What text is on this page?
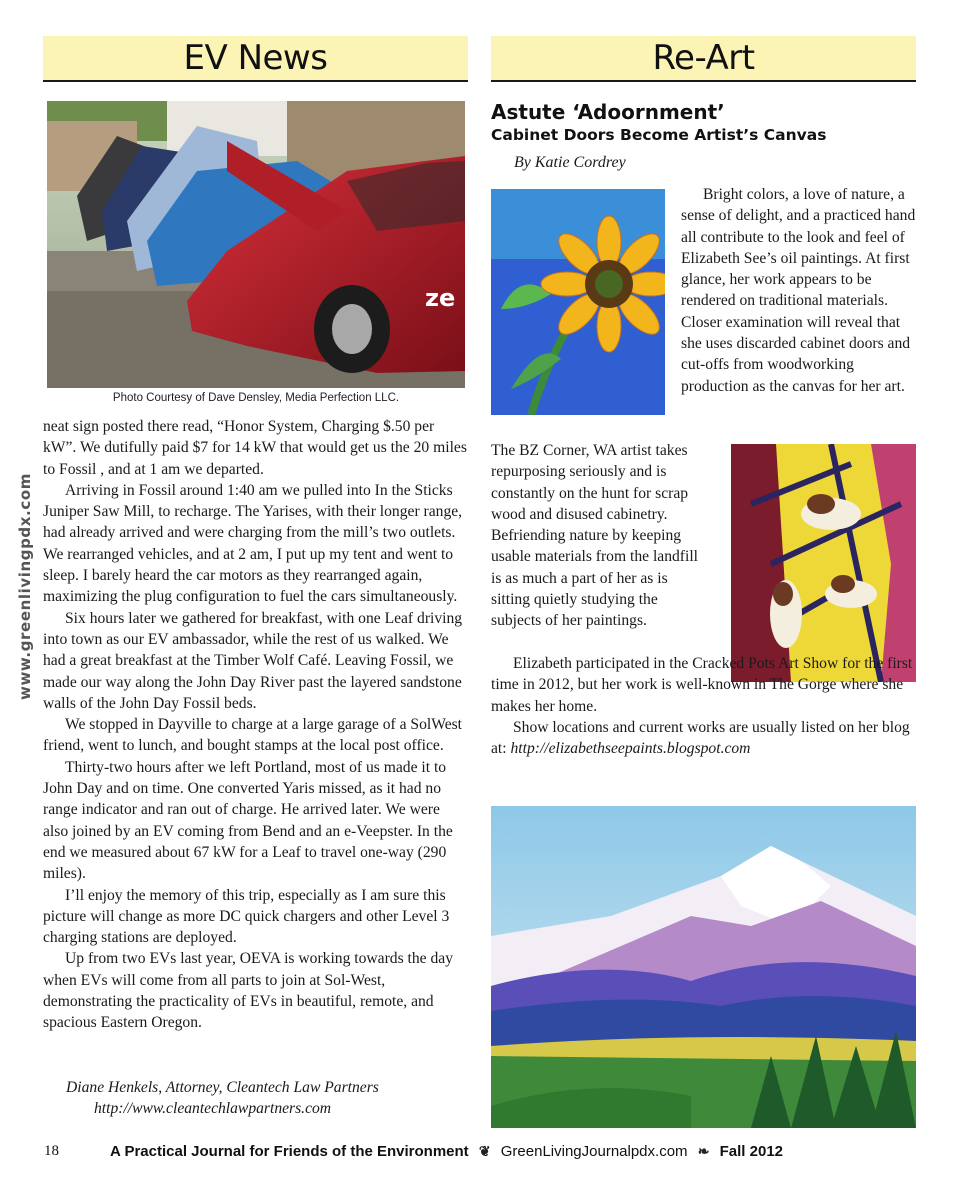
EV News	Re-Art
www.greenlivingpdx.com
ze
Photo Courtesy of Dave Densley, Media Perfection LLC.

neat sign posted there read, “Honor System, Charging $.50 per kW”. We dutifully paid $7 for 14 kW that would get us the 20 miles to Fossil , and at 1 am we departed.

Arriving in Fossil around 1:40 am we pulled into In the Sticks Juniper Saw Mill, to recharge. The Yarises, with their longer range, had already arrived and were charging from the mill’s two outlets. We rearranged vehicles, and at 2 am, I put up my tent and went to sleep. I barely heard the car motors as they rearranged again, maximizing the plug configuration to fuel the cars simultaneously.

Six hours later we gathered for breakfast, with one Leaf driving into town as our EV ambassador, while the rest of us walked. We had a great breakfast at the Timber Wolf Café. Leaving Fossil, we made our way along the John Day River past the layered sandstone walls of the John Day Fossil beds.

We stopped in Dayville to charge at a large garage of a SolWest friend, went to lunch, and bought stamps at the local post office.

Thirty-two hours after we left Portland, most of us made it to John Day and on time. One converted Yaris missed, as it had no range indicator and ran out of charge. He arrived later. We were also joined by an EV coming from Bend and an e-Veepster. In the end we measured about 67 kW for a Leaf to travel one-way (290 miles).

I’ll enjoy the memory of this trip, especially as I am sure this picture will change as more DC quick chargers and other Level 3 charging stations are deployed.

Up from two EVs last year, OEVA is working towards the day when EVs will come from all parts to join at Sol-West, demonstrating the practicality of EVs in beautiful, remote, and spacious Eastern Oregon.

Diane Henkels, Attorney, Cleantech Law Partners
http://www.cleantechlawpartners.com
Astute ‘Adoornment’
Cabinet Doors Become Artist’s Canvas
By Katie Cordrey

Bright colors, a love of nature, a sense of delight, and a practiced hand all contribute to the look and feel of Elizabeth See’s oil paintings. At first glance, her work appears to be rendered on traditional materials. Closer examination will reveal that she uses discarded cabinet doors and cut-offs from woodworking production as the canvas for her art.

The BZ Corner, WA artist takes repurposing seriously and is constantly on the hunt for scrap wood and disused cabinetry. Befriending nature by keeping usable materials from the landfill is as much a part of her as is sitting quietly studying the subjects of her paintings.

Elizabeth participated in the Cracked Pots Art Show for the first time in 2012, but her work is well-known in The Gorge where she makes her home.

Show locations and current works are usually listed on her blog at: http://elizabethseepaints.blogspot.com

18	A Practical Journal for Friends of the Environment ❦ GreenLivingJournalpdx.com ❧ Fall 2012
